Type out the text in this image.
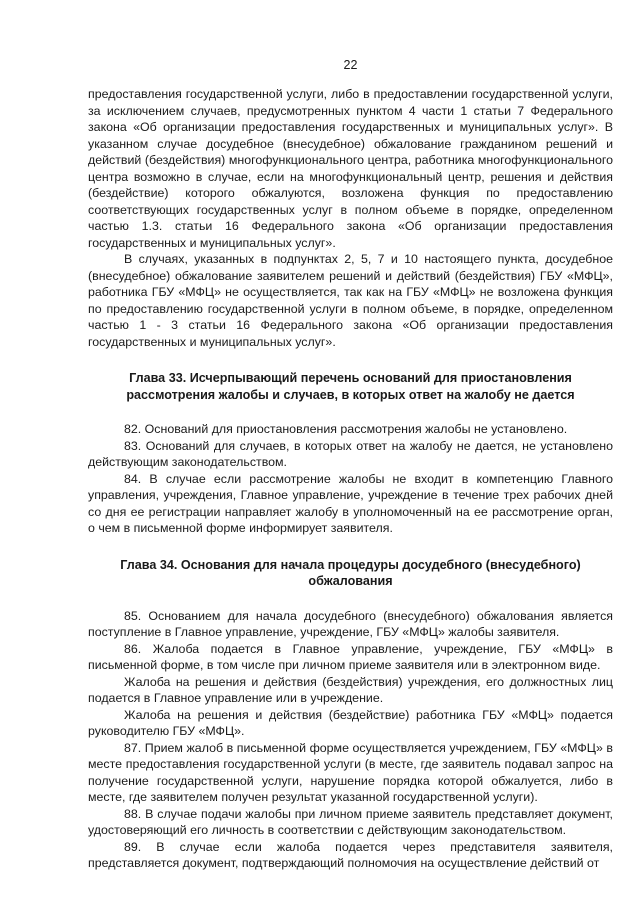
22

предоставления государственной услуги, либо в предоставлении государственной услуги, за исключением случаев, предусмотренных пунктом 4 части 1 статьи 7 Федерального закона «Об организации предоставления государственных и муниципальных услуг». В указанном случае досудебное (внесудебное) обжалование гражданином решений и действий (бездействия) многофункционального центра, работника многофункционального центра возможно в случае, если на многофункциональный центр, решения и действия (бездействие) которого обжалуются, возложена функция по предоставлению соответствующих государственных услуг в полном объеме в порядке, определенном частью 1.3. статьи 16 Федерального закона «Об организации предоставления государственных и муниципальных услуг».

В случаях, указанных в подпунктах 2, 5, 7 и 10 настоящего пункта, досудебное (внесудебное) обжалование заявителем решений и действий (бездействия) ГБУ «МФЦ», работника ГБУ «МФЦ» не осуществляется, так как на ГБУ «МФЦ» не возложена функция по предоставлению государственной услуги в полном объеме, в порядке, определенном частью 1 - 3 статьи 16 Федерального закона «Об организации предоставления государственных и муниципальных услуг».

Глава 33. Исчерпывающий перечень оснований для приостановления рассмотрения жалобы и случаев, в которых ответ на жалобу не дается

82. Оснований для приостановления рассмотрения жалобы не установлено.

83. Оснований для случаев, в которых ответ на жалобу не дается, не установлено действующим законодательством.

84. В случае если рассмотрение жалобы не входит в компетенцию Главного управления, учреждения, Главное управление, учреждение в течение трех рабочих дней со дня ее регистрации направляет жалобу в уполномоченный на ее рассмотрение орган, о чем в письменной форме информирует заявителя.

Глава 34. Основания для начала процедуры досудебного (внесудебного) обжалования

85. Основанием для начала досудебного (внесудебного) обжалования является поступление в Главное управление, учреждение, ГБУ «МФЦ» жалобы заявителя.

86. Жалоба подается в Главное управление, учреждение, ГБУ «МФЦ» в письменной форме, в том числе при личном приеме заявителя или в электронном виде.

Жалоба на решения и действия (бездействия) учреждения, его должностных лиц подается в Главное управление или в учреждение.

Жалоба на решения и действия (бездействие) работника ГБУ «МФЦ» подается руководителю ГБУ «МФЦ».

87. Прием жалоб в письменной форме осуществляется учреждением, ГБУ «МФЦ» в месте предоставления государственной услуги (в месте, где заявитель подавал запрос на получение государственной услуги, нарушение порядка которой обжалуется, либо в месте, где заявителем получен результат указанной государственной услуги).

88. В случае подачи жалобы при личном приеме заявитель представляет документ, удостоверяющий его личность в соответствии с действующим законодательством.

89. В случае если жалоба подается через представителя заявителя, представляется документ, подтверждающий полномочия на осуществление действий от
